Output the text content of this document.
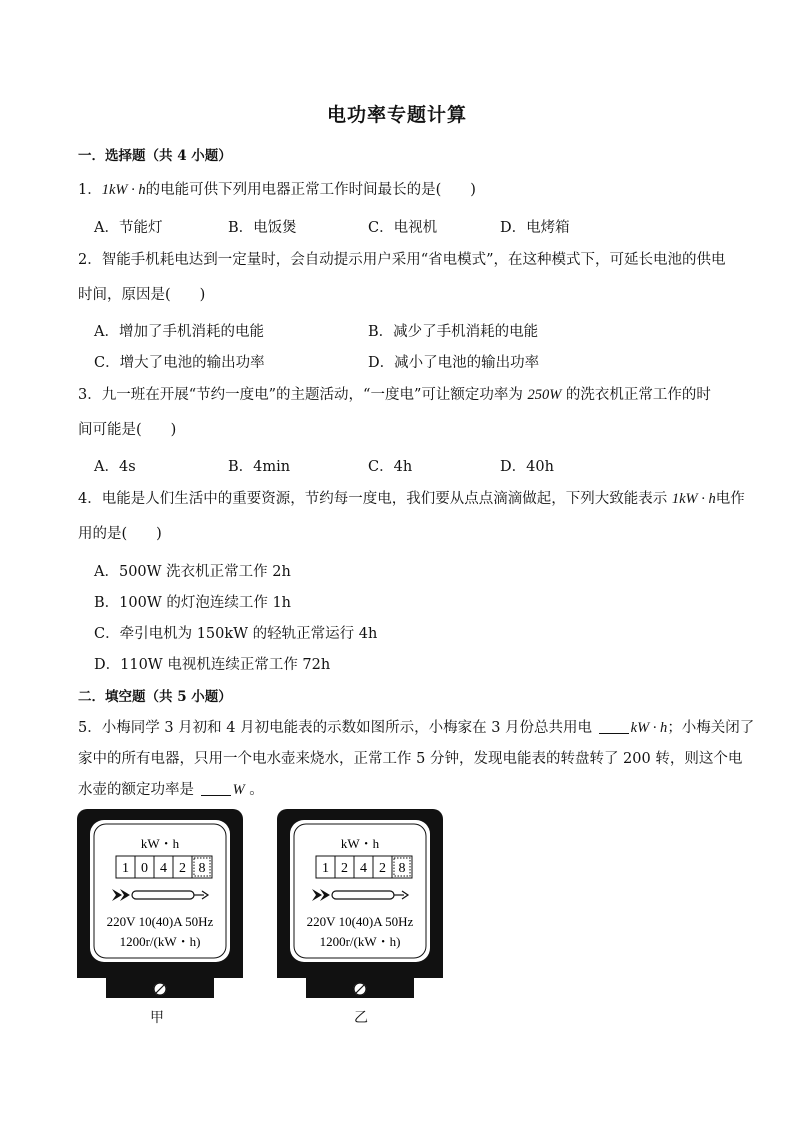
电功率专题计算
一．选择题（共 4 小题）
1．1kW · h的电能可供下列用电器正常工作时间最长的是(　　)
A．节能灯	B．电饭煲	C．电视机	D．电烤箱
2．智能手机耗电达到一定量时，会自动提示用户采用“省电模式”，在这种模式下，可延长电池的供电
时间，原因是(　　)
A．增加了手机消耗的电能	B．减少了手机消耗的电能
C．增大了电池的输出功率	D．减小了电池的输出功率
3．九一班在开展“节约一度电”的主题活动，“一度电”可让额定功率为 250W 的洗衣机正常工作的时
间可能是(　　)
A．4s	B．4min	C．4h	D．40h
4．电能是人们生活中的重要资源，节约每一度电，我们要从点点滴滴做起，下列大致能表示 1kW · h电作
用的是(　　)
A．500W 洗衣机正常工作 2h
B．100W 的灯泡连续工作 1h
C．牵引电机为 150kW 的轻轨正常运行 4h
D．110W 电视机连续正常工作 72h
二．填空题（共 5 小题）
5．小梅同学 3 月初和 4 月初电能表的示数如图所示，小梅家在 3 月份总共用电 kW · h；小梅关闭了
家中的所有电器，只用一个电水壶来烧水，正常工作 5 分钟，发现电能表的转盘转了 200 转，则这个电
水壶的额定功率是 W 。
kW・h
1 0 4 2 8
220V 10(40)A 50Hz
1200r/(kW・h)
甲
kW・h
1 2 4 2 8
220V 10(40)A 50Hz
1200r/(kW・h)
乙
